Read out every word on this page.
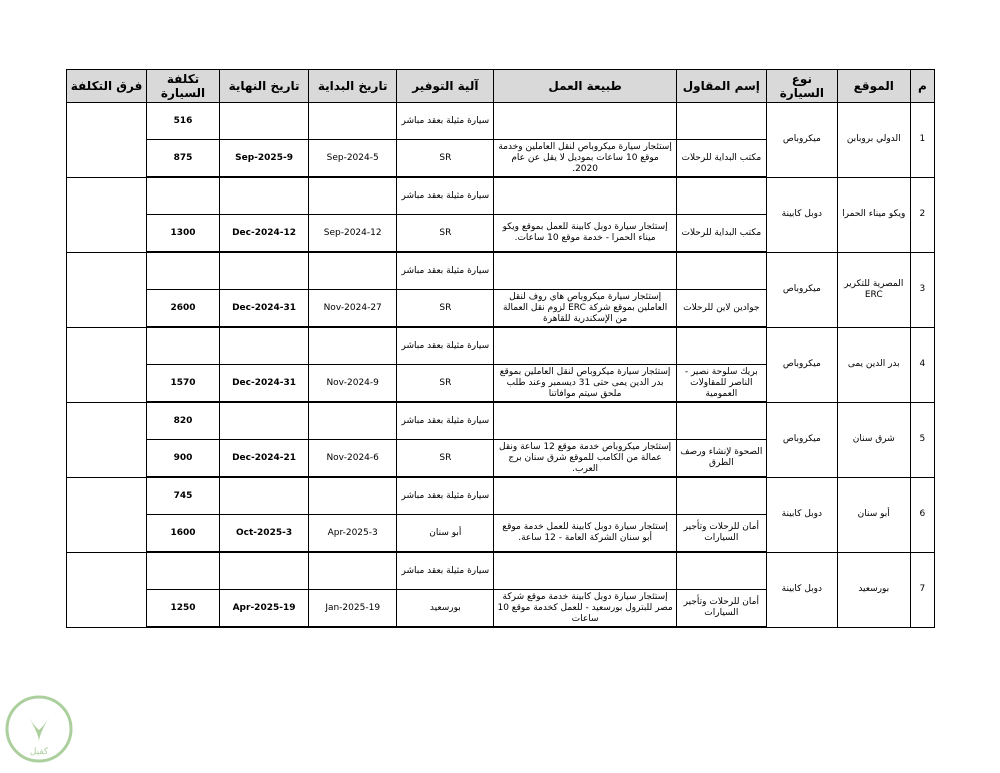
م	الموقع	نوع السيارة	إسم المقاول	طبيعة العمل	آلية التوفير	تاريخ البداية	تاريخ النهاية	تكلفة السيارة	فرق التكلفة
1	الدولي بروبابن	ميكروباص			سيارة مثيلة بعقد مباشر			516	
			مكتب البداية للرحلات	إستئجار سيارة ميكروباص لنقل العاملين وخدمة موقع 10 ساعات بموديل لا يقل عن عام 2020.	SR	5-Sep-2024	9-Sep-2025	875	
2	ويكو ميناء الحمرا	دوبل كابينة			سيارة مثيلة بعقد مباشر				
			مكتب البداية للرحلات	إستئجار سيارة دوبل كابينة للعمل بموقع ويكو ميناء الحمرا - خدمة موقع 10 ساعات.	SR	12-Sep-2024	12-Dec-2024	1300	
3	المصرية للتكرير ERC	ميكروباص			سيارة مثيلة بعقد مباشر				
			جوادين لاين للرحلات	إستئجار سيارة ميكروباص هاي روف لنقل العاملين بموقع شركة ERC لزوم نقل العمالة من الإسكندرية للقاهرة	SR	27-Nov-2024	31-Dec-2024	2600	
4	بدر الدين يمى	ميكروباص			سيارة مثيلة بعقد مباشر				
			بريك سلوحة نصير - الناصر للمقاولات العمومية	إستئجار سيارة ميكروباص لنقل العاملين بموقع بدر الدين يمى حتى 31 ديسمبر وعند طلب ملحق سيتم موافاتنا	SR	9-Nov-2024	31-Dec-2024	1570	
5	شرق سنان	ميكروباص			سيارة مثيلة بعقد مباشر			820	
			الصحوة لإنشاء ورصف الطرق	إستئجار ميكروباص خدمة موقع 12 ساعة ونقل عمالة من الكامب للموقع شرق سنان برج العرب.	SR	6-Nov-2024	21-Dec-2024	900	
6	أبو سنان	دوبل كابينة			سيارة مثيلة بعقد مباشر			745	
			أمان للرحلات وتأجير السيارات	إستئجار سيارة دوبل كابينة للعمل خدمة موقع أبو سنان الشركة العامة - 12 ساعة.	أبو سنان	3-Apr-2025	3-Oct-2025	1600	
7	بورسعيد	دوبل كابينة			سيارة مثيلة بعقد مباشر				
			أمان للرحلات وتأجير السيارات	إستئجار سيارة دوبل كابينة خدمة موقع شركة مصر للبترول بورسعيد - للعمل كخدمة موقع 10 ساعات	بورسعيد	19-Jan-2025	19-Apr-2025	1250	
كفيل
